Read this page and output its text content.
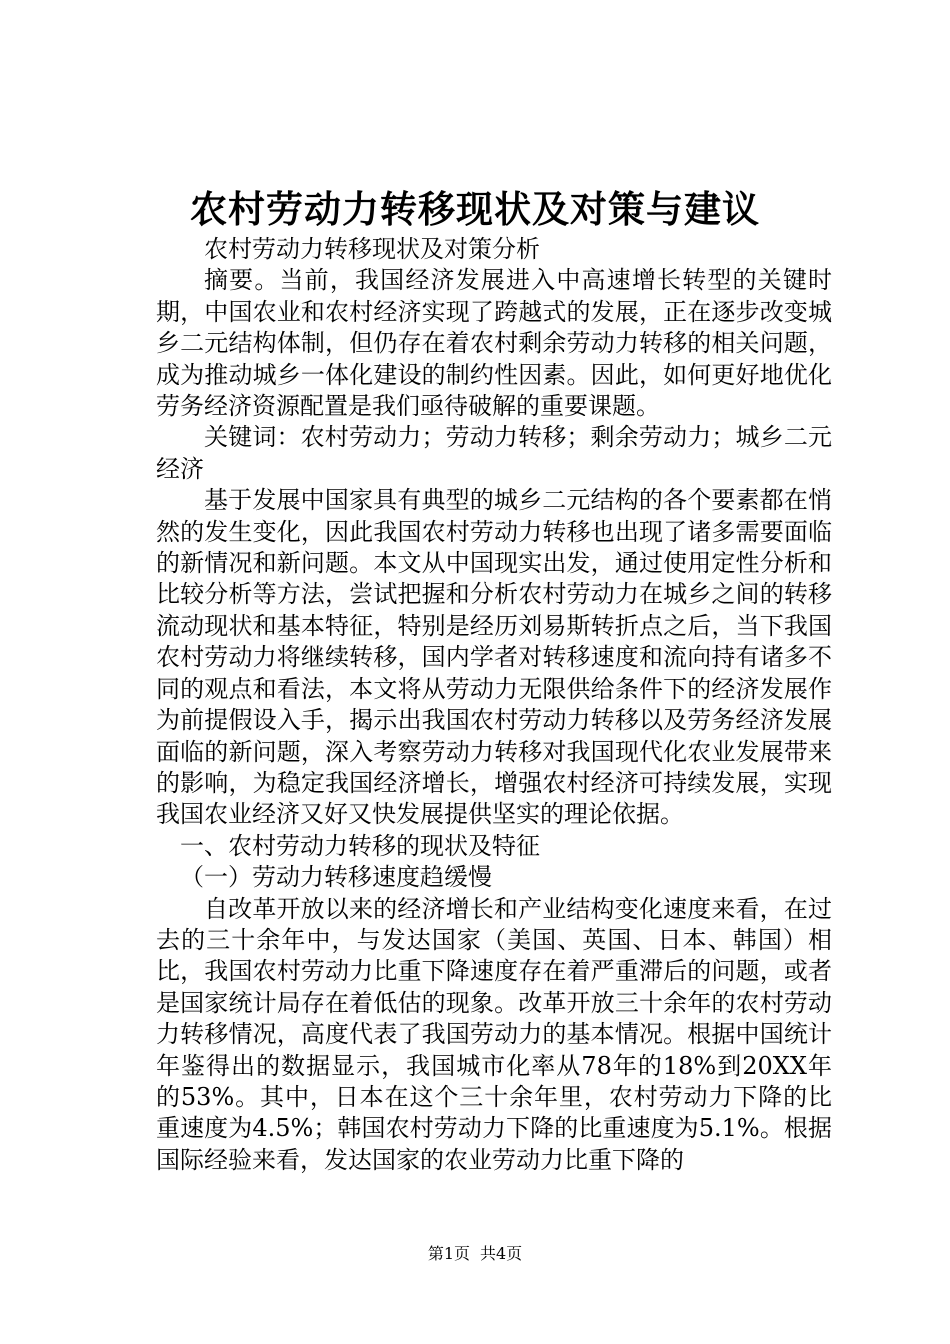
农村劳动力转移现状及对策与建议

农村劳动力转移现状及对策分析

摘要。当前，我国经济发展进入中高速增长转型的关键时期，中国农业和农村经济实现了跨越式的发展，正在逐步改变城乡二元结构体制，但仍存在着农村剩余劳动力转移的相关问题，成为推动城乡一体化建设的制约性因素。因此，如何更好地优化劳务经济资源配置是我们亟待破解的重要课题。

关键词：农村劳动力；劳动力转移；剩余劳动力；城乡二元经济

基于发展中国家具有典型的城乡二元结构的各个要素都在悄然的发生变化，因此我国农村劳动力转移也出现了诸多需要面临的新情况和新问题。本文从中国现实出发，通过使用定性分析和比较分析等方法，尝试把握和分析农村劳动力在城乡之间的转移流动现状和基本特征，特别是经历刘易斯转折点之后，当下我国农村劳动力将继续转移，国内学者对转移速度和流向持有诸多不同的观点和看法，本文将从劳动力无限供给条件下的经济发展作为前提假设入手，揭示出我国农村劳动力转移以及劳务经济发展面临的新问题，深入考察劳动力转移对我国现代化农业发展带来的影响，为稳定我国经济增长，增强农村经济可持续发展，实现我国农业经济又好又快发展提供坚实的理论依据。

一、农村劳动力转移的现状及特征

（一）劳动力转移速度趋缓慢

自改革开放以来的经济增长和产业结构变化速度来看，在过去的三十余年中，与发达国家（美国、英国、日本、韩国）相比，我国农村劳动力比重下降速度存在着严重滞后的问题，或者是国家统计局存在着低估的现象。改革开放三十余年的农村劳动力转移情况，高度代表了我国劳动力的基本情况。根据中国统计年鉴得出的数据显示，我国城市化率从78年的18%到20XX年的53%。其中，日本在这个三十余年里，农村劳动力下降的比重速度为4.5%；韩国农村劳动力下降的比重速度为5.1%。根据国际经验来看，发达国家的农业劳动力比重下降的

第1页 共4页
